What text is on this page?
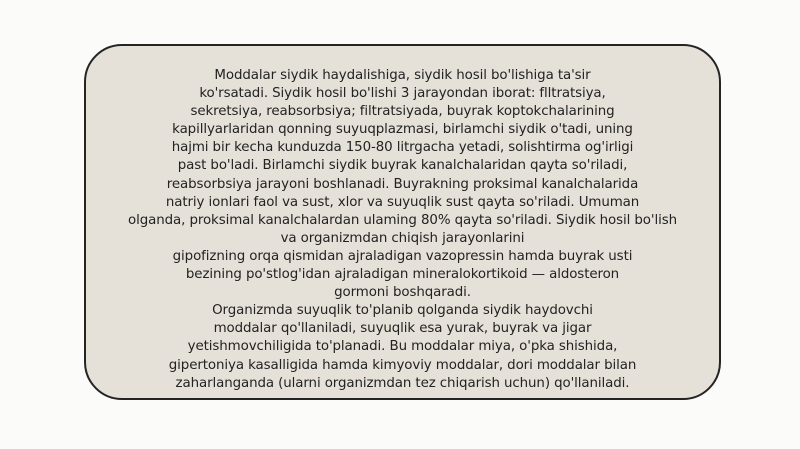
Moddalar siydik haydalishiga, siydik hosil bo'lishiga ta'sir
ko'rsatadi. Siydik hosil bo'lishi 3 jarayondan iborat: flltratsiya,
sekretsiya, reabsorbsiya; filtratsiyada, buyrak koptokchalarining
kapillyarlaridan qonning suyuqplazmasi, birlamchi siydik o'tadi, uning
hajmi bir kecha kunduzda 150-80 litrgacha yetadi, solishtirma og'irligi
past bo'ladi. Birlamchi siydik buyrak kanalchalaridan qayta so'riladi,
reabsorbsiya jarayoni boshlanadi. Buyrakning proksimal kanalchalarida
natriy ionlari faol va sust, xlor va suyuqlik sust qayta so'riladi. Umuman
olganda, proksimal kanalchalardan ulaming 80% qayta so'riladi. Siydik hosil bo'lish
va organizmdan chiqish jarayonlarini
gipofizning orqa qismidan ajraladigan vazopressin hamda buyrak usti
bezining po'stlog'idan ajraladigan mineralokortikoid — aldosteron
gormoni boshqaradi.
Organizmda suyuqlik to'planib qolganda siydik haydovchi
moddalar qo'llaniladi, suyuqlik esa yurak, buyrak va jigar
yetishmovchiligida to'planadi. Bu moddalar miya, o'pka shishida,
gipertoniya kasalligida hamda kimyoviy moddalar, dori moddalar bilan
zaharlanganda (ularni organizmdan tez chiqarish uchun) qo'llaniladi.
